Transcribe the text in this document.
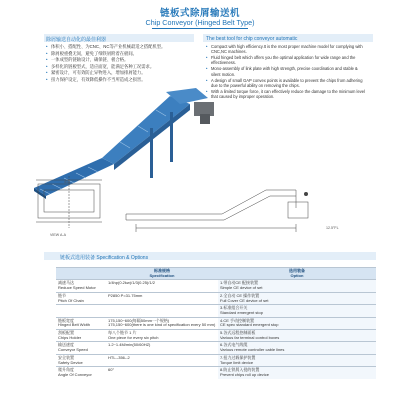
链板式除屑输送机
Chip Conveyor (Hinged Belt Type)
除屑输送自动化的最佳利器	The best tool for chip conveyor automatic
• 体积小、搭配性、为CNC、NC等产业机械最适之搭配机型。
• 除屑板重叠无间，避免了细铁屑附着在板间。
• 一体成型的链轴设计，确保链、板合格。
• 多样化的链板型式，适应面宽，能满足各种工况需求。
• 紧密设计，可有效防止异物进入，增加排屑能力。
• 扭力保护设定，有效降低操作不当所造成之损害。
• Compact with high efficiency.It is the most proper machine model for complying with CNC,NC machines.
• Fluid hinged belt which offers you the optimal application for wide range and the effectiveness.
• Mono-assembly of link plate with high strength, precise coordination and stable & silent motion.
• A design of small GAP convex points is available to prevent the chips from adhering due to the powerful ability on removing the chips.
• With a limited torque force, it can effectively reduce the damage to the minimum level that caused by improper operation.
VIEW A-A
415
12.5°FL
链板式选用装备 Specification & Options
	标准规格
Specification	选用装备
Option
减速马达
Reduce Speed Motor	1/4hp(0.2kw)/1/3(0.25)/1/2	1.带自动CE 配接装置
Simple CE device of set
链节
Pitch Of Chain	P2850 P=31.75mm	2.全自动 CE 操作装置
Full Cover CE device of set

	3.标准组合开关
Standard emergent stop
链板宽度
Hinged Belt Width	175,150~600(每隔50mm一个规格)
175,150~600(there is one kind of specification every 50 mm)	4.CE 手动控制装置
CE spec standard emergent stop
刮板配置
Chips Holder	每八个链节 1 片
One piece for every six pitch	5.各式远程控制面板
Various far terminal control boxes
输送速度
Conveyor Speed	1.2~1.4M/min(50/60HZ)	6.各式电气线缆
Various remote controller cable lines
安全装置
Safety Device	HTL--356--2	7.扭力过载保护装置
Torque limit device
爬升角度
Angle Of Conveyor	60°	8.防止铁屑入侵的装置
Prevent chips roll up device
